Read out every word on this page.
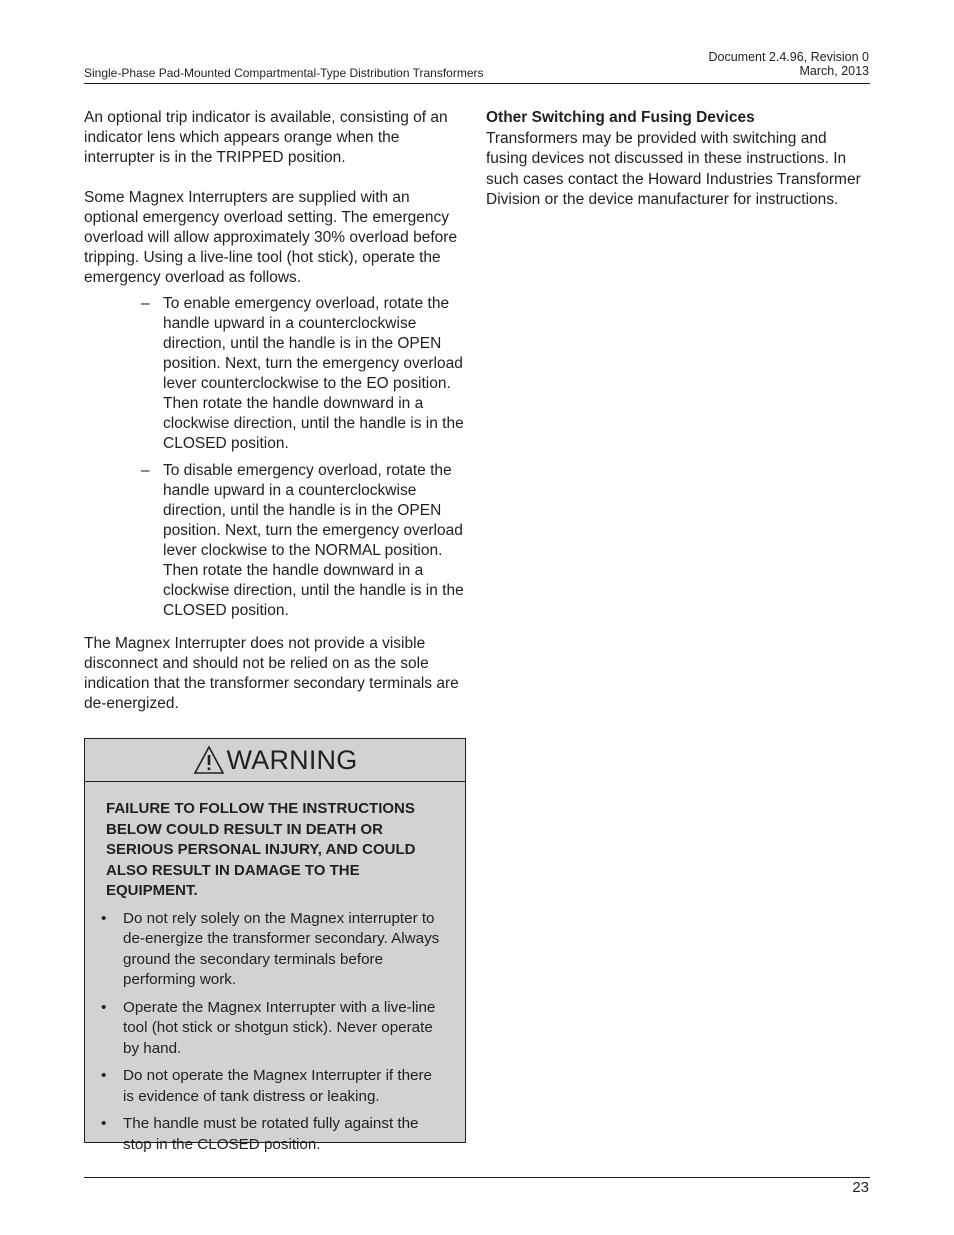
Single-Phase Pad-Mounted Compartmental-Type Distribution Transformers
Document 2.4.96, Revision 0
March, 2013

An optional trip indicator is available, consisting of an indicator lens which appears orange when the interrupter is in the TRIPPED position.

Some Magnex Interrupters are supplied with an optional emergency overload setting. The emergency overload will allow approximately 30% overload before tripping. Using a live-line tool (hot stick), operate the emergency overload as follows.

– To enable emergency overload, rotate the handle upward in a counterclockwise direction, until the handle is in the OPEN position. Next, turn the emergency overload lever counterclockwise to the EO position. Then rotate the handle downward in a clockwise direction, until the handle is in the CLOSED position.
– To disable emergency overload, rotate the handle upward in a counterclockwise direction, until the handle is in the OPEN position. Next, turn the emergency overload lever clockwise to the NORMAL position. Then rotate the handle downward in a clockwise direction, until the handle is in the CLOSED position.

The Magnex Interrupter does not provide a visible disconnect and should not be relied on as the sole indication that the transformer secondary terminals are de-energized.

WARNING

FAILURE TO FOLLOW THE INSTRUCTIONS BELOW COULD RESULT IN DEATH OR SERIOUS PERSONAL INJURY, AND COULD ALSO RESULT IN DAMAGE TO THE EQUIPMENT.

• Do not rely solely on the Magnex interrupter to de-energize the transformer secondary. Always ground the secondary terminals before performing work.
• Operate the Magnex Interrupter with a live-line tool (hot stick or shotgun stick). Never operate by hand.
• Do not operate the Magnex Interrupter if there is evidence of tank distress or leaking.
• The handle must be rotated fully against the stop in the CLOSED position.

Other Switching and Fusing Devices

Transformers may be provided with switching and fusing devices not discussed in these instructions. In such cases contact the Howard Industries Transformer Division or the device manufacturer for instructions.

23
